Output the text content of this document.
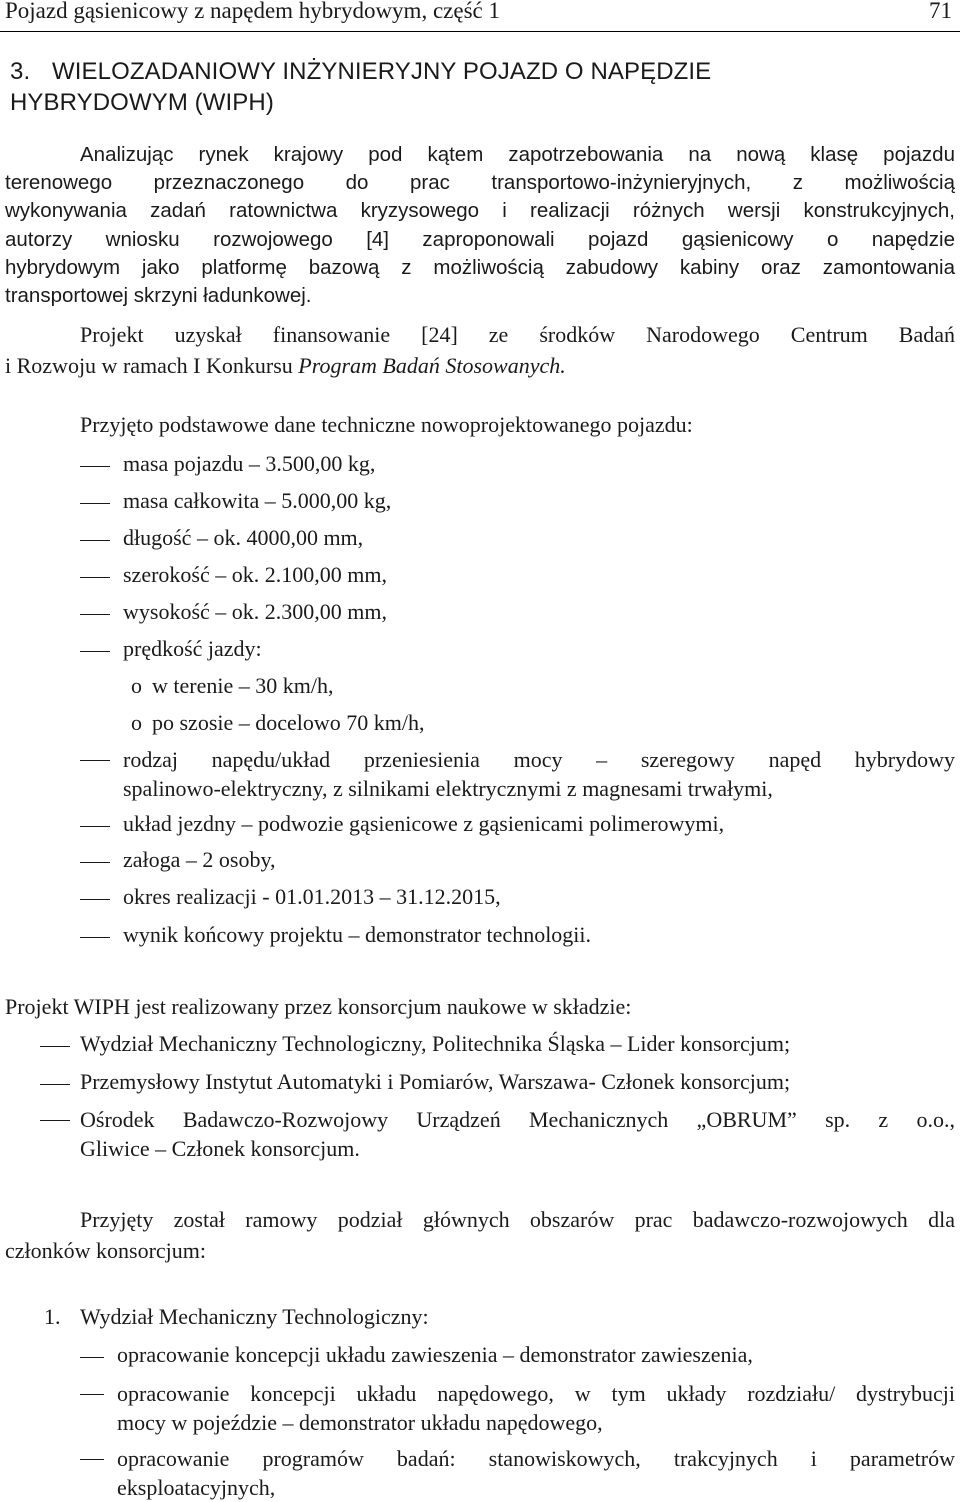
Pojazd gąsienicowy z napędem hybrydowym, część 1	71
3. WIELOZADANIOWY INŻYNIERYJNY POJAZD O NAPĘDZIE
HYBRYDOWYM (WIPH)
Analizując rynek krajowy pod kątem zapotrzebowania na nową klasę pojazdu
terenowego przeznaczonego do prac transportowo-inżynieryjnych, z możliwością
wykonywania zadań ratownictwa kryzysowego i realizacji różnych wersji konstrukcyjnych,
autorzy wniosku rozwojowego [4] zaproponowali pojazd gąsienicowy o napędzie
hybrydowym jako platformę bazową z możliwością zabudowy kabiny oraz zamontowania
transportowej skrzyni ładunkowej.
Projekt uzyskał finansowanie [24] ze środków Narodowego Centrum Badań
i Rozwoju w ramach I Konkursu Program Badań Stosowanych.
Przyjęto podstawowe dane techniczne nowoprojektowanego pojazdu:
masa pojazdu – 3.500,00 kg,
masa całkowita – 5.000,00 kg,
długość – ok. 4000,00 mm,
szerokość – ok. 2.100,00 mm,
wysokość – ok. 2.300,00 mm,
prędkość jazdy:
o w terenie – 30 km/h,
o po szosie – docelowo 70 km/h,
rodzaj napędu/układ przeniesienia mocy – szeregowy napęd hybrydowy
spalinowo-elektryczny, z silnikami elektrycznymi z magnesami trwałymi,
układ jezdny – podwozie gąsienicowe z gąsienicami polimerowymi,
załoga – 2 osoby,
okres realizacji - 01.01.2013 – 31.12.2015,
wynik końcowy projektu – demonstrator technologii.
Projekt WIPH jest realizowany przez konsorcjum naukowe w składzie:
Wydział Mechaniczny Technologiczny, Politechnika Śląska – Lider konsorcjum;
Przemysłowy Instytut Automatyki i Pomiarów, Warszawa- Członek konsorcjum;
Ośrodek Badawczo-Rozwojowy Urządzeń Mechanicznych „OBRUM” sp. z o.o.,
Gliwice – Członek konsorcjum.
Przyjęty został ramowy podział głównych obszarów prac badawczo-rozwojowych dla
członków konsorcjum:
1. Wydział Mechaniczny Technologiczny:
opracowanie koncepcji układu zawieszenia – demonstrator zawieszenia,
opracowanie koncepcji układu napędowego, w tym układy rozdziału/ dystrybucji
mocy w pojeździe – demonstrator układu napędowego,
opracowanie programów badań: stanowiskowych, trakcyjnych i parametrów
eksploatacyjnych,
